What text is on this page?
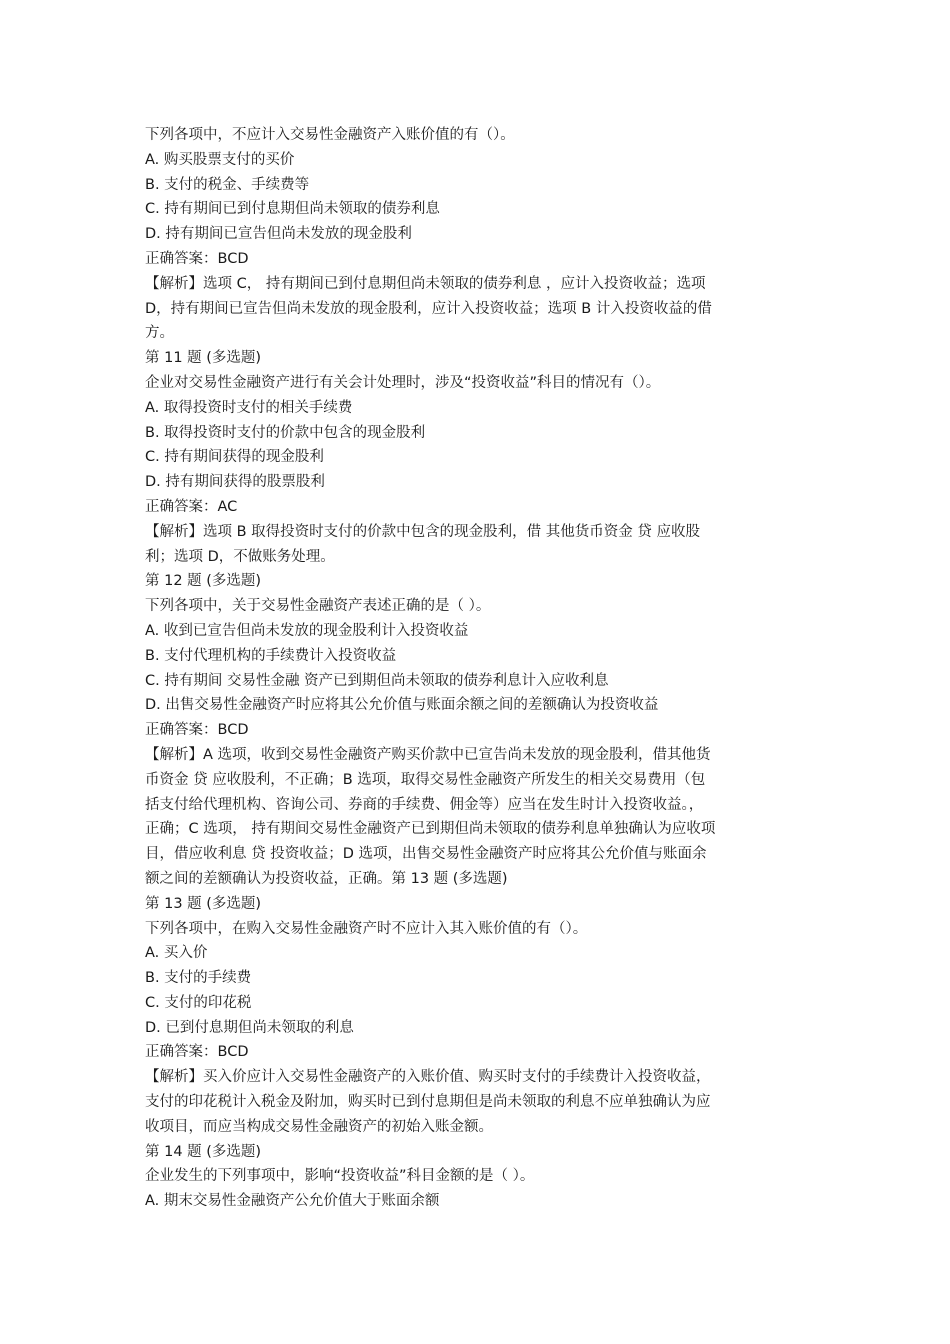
下列各项中，不应计入交易性金融资产入账价值的有（）。
A. 购买股票支付的买价
B. 支付的税金、手续费等
C. 持有期间已到付息期但尚未领取的债券利息
D. 持有期间已宣告但尚未发放的现金股利
正确答案：BCD
【解析】选项 C， 持有期间已到付息期但尚未领取的债券利息 ，应计入投资收益；选项
D，持有期间已宣告但尚未发放的现金股利，应计入投资收益；选项 B 计入投资收益的借
方。
第 11 题 (多选题)
企业对交易性金融资产进行有关会计处理时，涉及“投资收益”科目的情况有（）。
A. 取得投资时支付的相关手续费
B. 取得投资时支付的价款中包含的现金股利
C. 持有期间获得的现金股利
D. 持有期间获得的股票股利
正确答案：AC
【解析】选项 B 取得投资时支付的价款中包含的现金股利，借 其他货币资金 贷 应收股
利；选项 D，不做账务处理。
第 12 题 (多选题)
下列各项中，关于交易性金融资产表述正确的是（ ）。
A. 收到已宣告但尚未发放的现金股利计入投资收益
B. 支付代理机构的手续费计入投资收益
C. 持有期间 交易性金融 资产已到期但尚未领取的债券利息计入应收利息
D. 出售交易性金融资产时应将其公允价值与账面余额之间的差额确认为投资收益
正确答案：BCD
【解析】A 选项，收到交易性金融资产购买价款中已宣告尚未发放的现金股利，借其他货
币资金 贷 应收股利，不正确；B 选项，取得交易性金融资产所发生的相关交易费用（包
括支付给代理机构、咨询公司、券商的手续费、佣金等）应当在发生时计入投资收益。，
正确；C 选项， 持有期间交易性金融资产已到期但尚未领取的债券利息单独确认为应收项
目，借应收利息 贷 投资收益；D 选项，出售交易性金融资产时应将其公允价值与账面余
额之间的差额确认为投资收益，正确。第 13 题 (多选题)
第 13 题 (多选题)
下列各项中，在购入交易性金融资产时不应计入其入账价值的有（）。
A. 买入价
B. 支付的手续费
C. 支付的印花税
D. 已到付息期但尚未领取的利息
正确答案：BCD
【解析】买入价应计入交易性金融资产的入账价值、购买时支付的手续费计入投资收益，
支付的印花税计入税金及附加，购买时已到付息期但是尚未领取的利息不应单独确认为应
收项目，而应当构成交易性金融资产的初始入账金额。
第 14 题 (多选题)
企业发生的下列事项中，影响“投资收益”科目金额的是（ ）。
A. 期末交易性金融资产公允价值大于账面余额
